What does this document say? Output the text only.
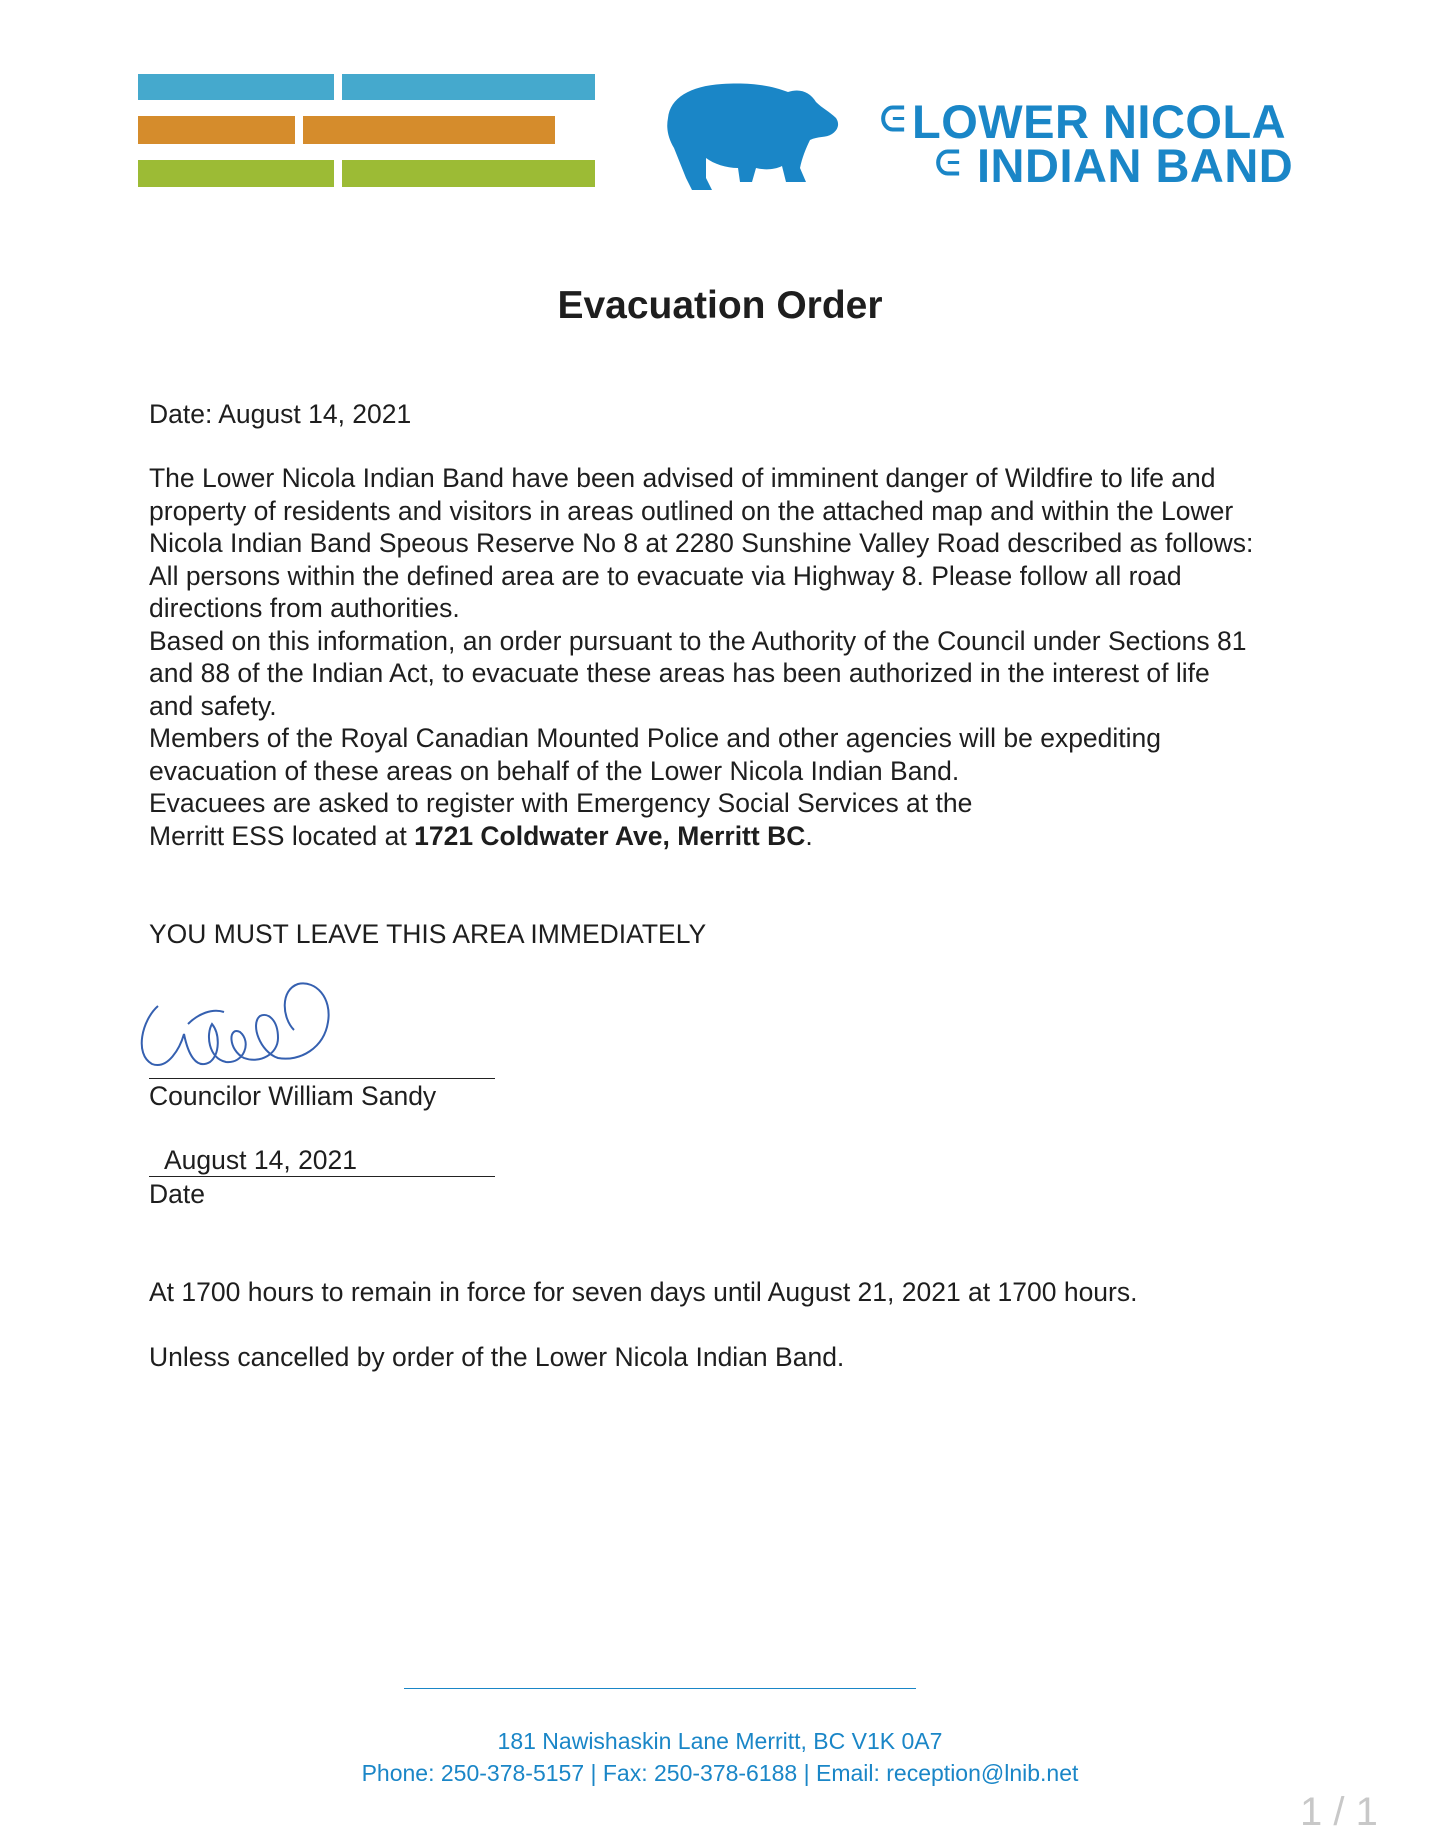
ᕮ LOWER NICOLA
ᕮ INDIAN BAND
Evacuation Order
Date: August 14, 2021

The Lower Nicola Indian Band have been advised of imminent danger of Wildfire to life and

property of residents and visitors in areas outlined on the attached map and within the Lower

Nicola Indian Band Speous Reserve No 8 at 2280 Sunshine Valley Road described as follows:

All persons within the defined area are to evacuate via Highway 8. Please follow all road

directions from authorities.

Based on this information, an order pursuant to the Authority of the Council under Sections 81

and 88 of the Indian Act, to evacuate these areas has been authorized in the interest of life

and safety.

Members of the Royal Canadian Mounted Police and other agencies will be expediting

evacuation of these areas on behalf of the Lower Nicola Indian Band.

Evacuees are asked to register with Emergency Social Services at the

Merritt ESS located at 1721 Coldwater Ave, Merritt BC.

YOU MUST LEAVE THIS AREA IMMEDIATELY
Councilor William Sandy
August 14, 2021
Date
At 1700 hours to remain in force for seven days until August 21, 2021 at 1700 hours.
Unless cancelled by order of the Lower Nicola Indian Band.
181 Nawishaskin Lane Merritt, BC V1K 0A7
Phone: 250-378-5157 | Fax: 250-378-6188 | Email: reception@lnib.net
1 / 1
